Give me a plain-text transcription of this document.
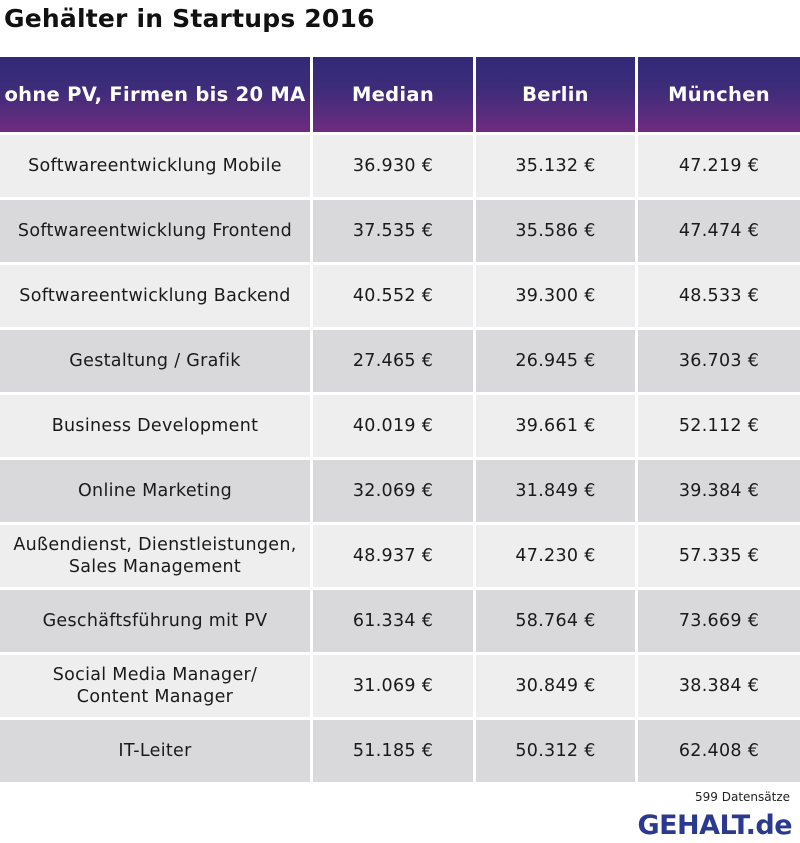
Gehälter in Startups 2016
ohne PV, Firmen bis 20 MA	Median	Berlin	München
Softwareentwicklung Mobile	36.930 €	35.132 €	47.219 €
Softwareentwicklung Frontend	37.535 €	35.586 €	47.474 €
Softwareentwicklung Backend	40.552 €	39.300 €	48.533 €
Gestaltung / Grafik	27.465 €	26.945 €	36.703 €
Business Development	40.019 €	39.661 €	52.112 €
Online Marketing	32.069 €	31.849 €	39.384 €
Außendienst, Dienstleistungen,
Sales Management
48.937 €	47.230 €	57.335 €
Geschäftsführung mit PV	61.334 €	58.764 €	73.669 €
Social Media Manager/
Content Manager
31.069 €	30.849 €	38.384 €
IT-Leiter	51.185 €	50.312 €	62.408 €
599 Datensätze
GEHALT.de
